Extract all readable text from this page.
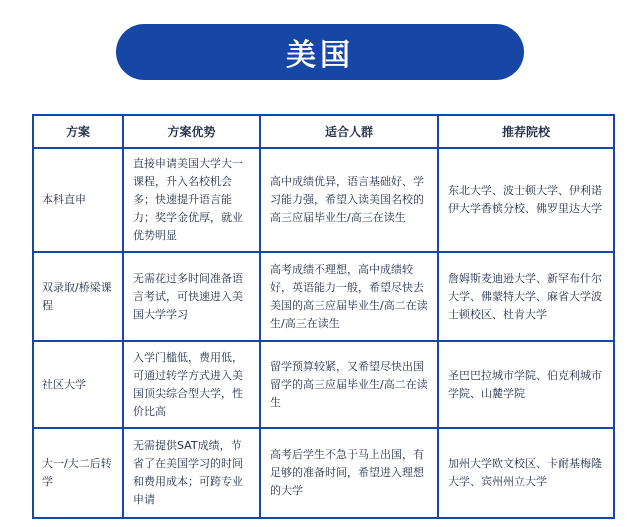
美国
方案	方案优势	适合人群	推荐院校
本科直申	直接申请美国大学大一课程，升入名校机会多；快速提升语言能力；奖学金优厚，就业优势明显	高中成绩优异，语言基础好、学习能力强，希望入读美国名校的高三应届毕业生/高三在读生	东北大学、波士顿大学、伊利诺伊大学香槟分校、佛罗里达大学
双录取/桥梁课程	无需花过多时间准备语言考试，可快速进入美国大学学习	高考成绩不理想，高中成绩较好，英语能力一般，希望尽快去美国的高三应届毕业生/高二在读生/高三在读生	詹姆斯麦迪逊大学、新罕布什尔大学、佛蒙特大学、麻省大学波士顿校区、杜肯大学
社区大学	入学门槛低，费用低，可通过转学方式进入美国顶尖综合型大学，性价比高	留学预算较紧，又希望尽快出国留学的高三应届毕业生/高二在读生	圣巴巴拉城市学院、伯克利城市学院、山麓学院
大一/大二后转学	无需提供SAT成绩，节省了在美国学习的时间和费用成本；可跨专业申请	高考后学生不急于马上出国，有足够的准备时间，希望进入理想的大学	加州大学欧文校区、卡耐基梅隆大学、宾州州立大学
